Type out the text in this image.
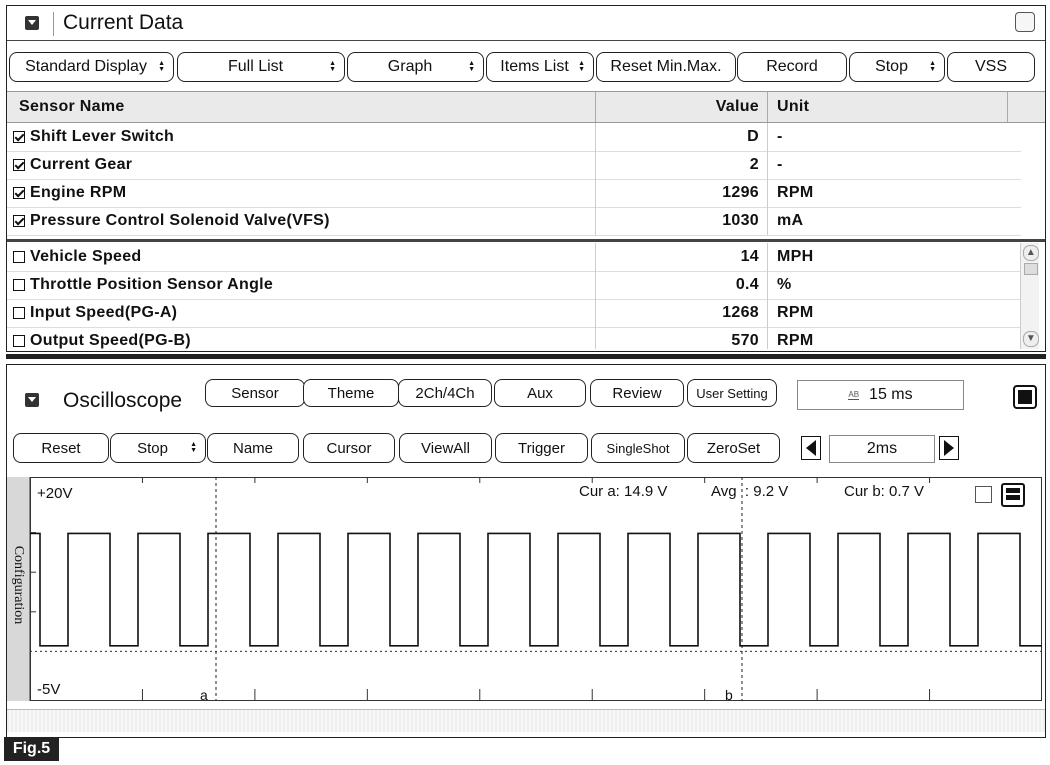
Current Data
Standard Display	▲
▼	Full List	▲
▼	Graph	▲
▼ Items List ▲
▼ Reset Min.Max.	Record	Stop	▲
▼ VSS
Sensor Name	Value Unit
Shift Lever Switch	D -
Current Gear	2 -
Engine RPM	1296 RPM
Pressure Control Solenoid Valve(VFS)	1030 mA
Vehicle Speed	14 MPH
Throttle Position Sensor Angle	0.4 %
Input Speed(PG-A)	1268 RPM
Output Speed(PG-B)	570 RPM
▲
▼
Oscilloscope	Sensor	Theme	2Ch/4Ch	Aux	Review	User Setting	AB 15 ms
Reset	Stop	▲
▼ Name	Cursor	ViewAll	Trigger	SingleShot ZeroSet	2ms
Configuration
Cur a: 14.9 V	Avg  : 9.2 V	Cur b: 0.7 V
+20V
-5V	a	b
Fig.5
